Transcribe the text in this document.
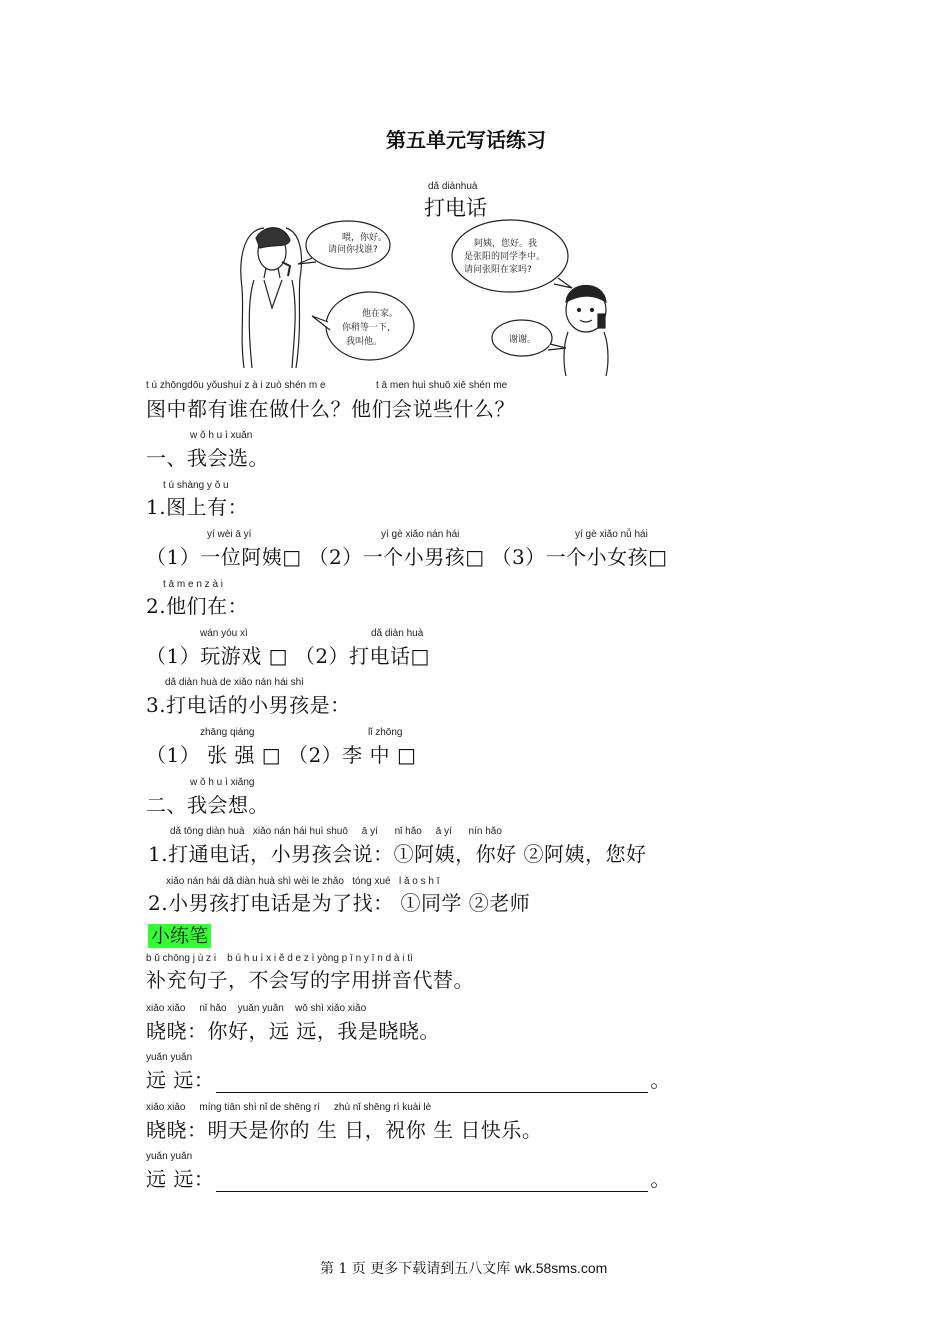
第五单元写话练习
dǎ diànhuà
打电话
喂，你好。
请问你找谁?
阿姨，您好。我
是张阳的同学李中。
请问张阳在家吗?
他在家。
你稍等一下，
我叫他。	谢谢。
t ú zhōngdōu yǒushuí z à i zuò shén m e	t ā men huì shuō xiē shén me
图中都有谁在做什么？他们会说些什么？
w ǒ h u ì xuǎn
一、我会选。
t ú shàng y ǒ u
1.图上有：
yí wèi ā yí	yí gè xiǎo nán hái	yí gè xiǎo nǚ hái
（1）一位阿姨□ （2）一个小男孩□ （3）一个小女孩□
t ā m e n z à i
2.他们在：
wán yóu xì	dǎ diàn huà
（1）玩游戏 □ （2）打电话□
dǎ diàn huà de xiǎo nán hái shì
3.打电话的小男孩是：
zhāng qiáng	lǐ zhōng
（1） 张 强 □ （2）李 中 □
w ǒ h u ì xiǎng
二、我会想。
dǎ tōng diàn huà   xiǎo nán hái huì shuō     ā yí      nǐ hǎo     ā yí      nín hǎo
1.打通电话，小男孩会说：①阿姨，你好 ②阿姨，您好
xiǎo nán hái dǎ diàn huà shì wèi le zhǎo   tóng xué   l ǎ o s h ī
2.小男孩打电话是为了找： ①同学 ②老师
小练笔
b ǔ chōng j ù z i    b ú h u ì x i ě d e z ì yòng p ī n y ī n d à i tì
补充句子，不会写的字用拼音代替。
xiǎo xiǎo     nǐ hǎo    yuǎn yuǎn    wǒ shì xiǎo xiǎo
晓晓：你好，远 远，我是晓晓。
yuǎn yuǎn
远 远：	。
xiǎo xiǎo     míng tiān shì nǐ de shēng rì     zhù nǐ shēng rì kuài lè
晓晓：明天是你的 生 日，祝你 生 日快乐。
yuǎn yuǎn
远 远：	。
第 1 页 更多下载请到五八文库 wk.58sms.com
